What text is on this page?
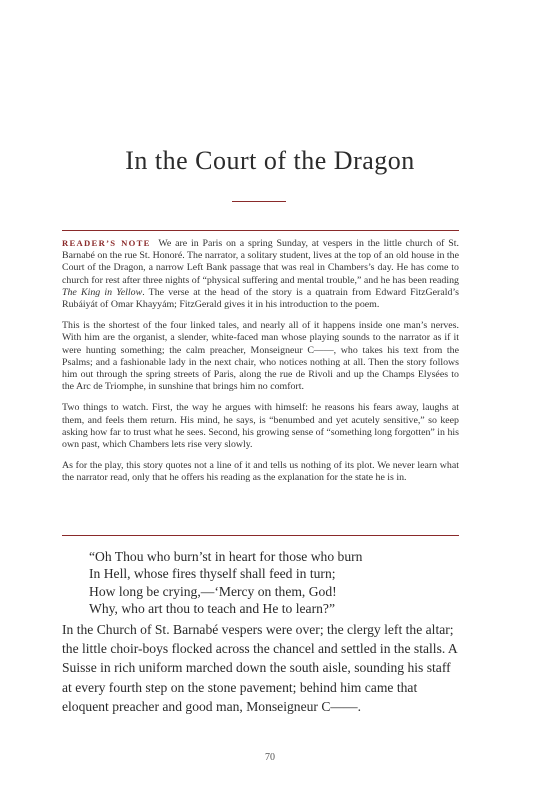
In the Court of the Dragon

READER’S NOTE We are in Paris on a spring Sunday, at vespers in the little church of St. Barnabé on the rue St. Honoré. The narrator, a solitary student, lives at the top of an old house in the Court of the Dragon, a narrow Left Bank passage that was real in Chambers’s day. He has come to church for rest after three nights of “physical suffering and mental trouble,” and he has been reading The King in Yellow. The verse at the head of the story is a quatrain from Edward FitzGerald’s Rubáiyát of Omar Khayyám; FitzGerald gives it in his introduction to the poem.

This is the shortest of the four linked tales, and nearly all of it happens inside one man’s nerves. With him are the organist, a slender, white-faced man whose playing sounds to the narrator as if it were hunting something; the calm preacher, Monseigneur C——, who takes his text from the Psalms; and a fashionable lady in the next chair, who notices nothing at all. Then the story follows him out through the spring streets of Paris, along the rue de Rivoli and up the Champs Elysées to the Arc de Triomphe, in sunshine that brings him no comfort.

Two things to watch. First, the way he argues with himself: he reasons his fears away, laughs at them, and feels them return. His mind, he says, is “benumbed and yet acutely sensitive,” so keep asking how far to trust what he sees. Second, his growing sense of “something long forgotten” in his own past, which Chambers lets rise very slowly.

As for the play, this story quotes not a line of it and tells us nothing of its plot. We never learn what the narrator read, only that he offers his reading as the explanation for the state he is in.

“Oh Thou who burn’st in heart for those who burn
In Hell, whose fires thyself shall feed in turn;
How long be crying,—‘Mercy on them, God!
Why, who art thou to teach and He to learn?”

In the Church of St. Barnabé vespers were over; the clergy left the altar; the little choir-boys flocked across the chancel and settled in the stalls. A Suisse in rich uniform marched down the south aisle, sounding his staff at every fourth step on the stone pavement; behind him came that eloquent preacher and good man, Monseigneur C——.

70
